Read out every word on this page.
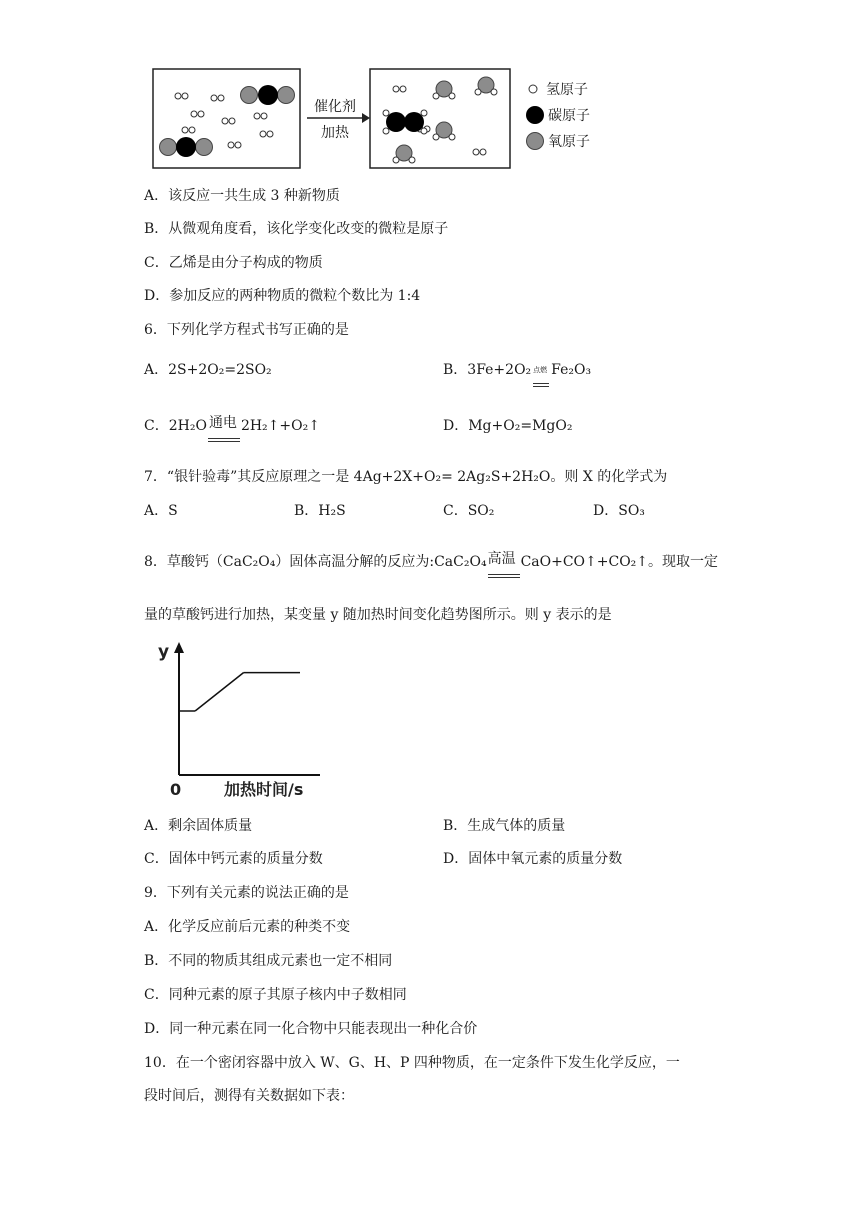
催化剂
加热
氢原子
碳原子
氧原子
A．该反应一共生成 3 种新物质
B．从微观角度看，该化学变化改变的微粒是原子
C．乙烯是由分子构成的物质
D．参加反应的两种物质的微粒个数比为 1:4
6．下列化学方程式书写正确的是
A．2S+2O₂=2SO₂	B．3Fe+2O₂ 点燃 Fe₂O₃
C．2H₂O 通电 2H₂↑+O₂↑	D．Mg+O₂=MgO₂
7．“银针验毒”其反应原理之一是 4Ag+2X+O₂= 2Ag₂S+2H₂O。则 X 的化学式为
A．S	B．H₂S	C．SO₂	D．SO₃
8．草酸钙（CaC₂O₄）固体高温分解的反应为:CaC₂O₄ 高温 CaO+CO↑+CO₂↑。现取一定
量的草酸钙进行加热，某变量 y 随加热时间变化趋势图所示。则 y 表示的是
y
0	加热时间/s
A．剩余固体质量	B．生成气体的质量
C．固体中钙元素的质量分数	D．固体中氧元素的质量分数
9．下列有关元素的说法正确的是
A．化学反应前后元素的种类不变
B．不同的物质其组成元素也一定不相同
C．同种元素的原子其原子核内中子数相同
D．同一种元素在同一化合物中只能表现出一种化合价
10．在一个密闭容器中放入 W、G、H、P 四种物质，在一定条件下发生化学反应，一
段时间后，测得有关数据如下表：
